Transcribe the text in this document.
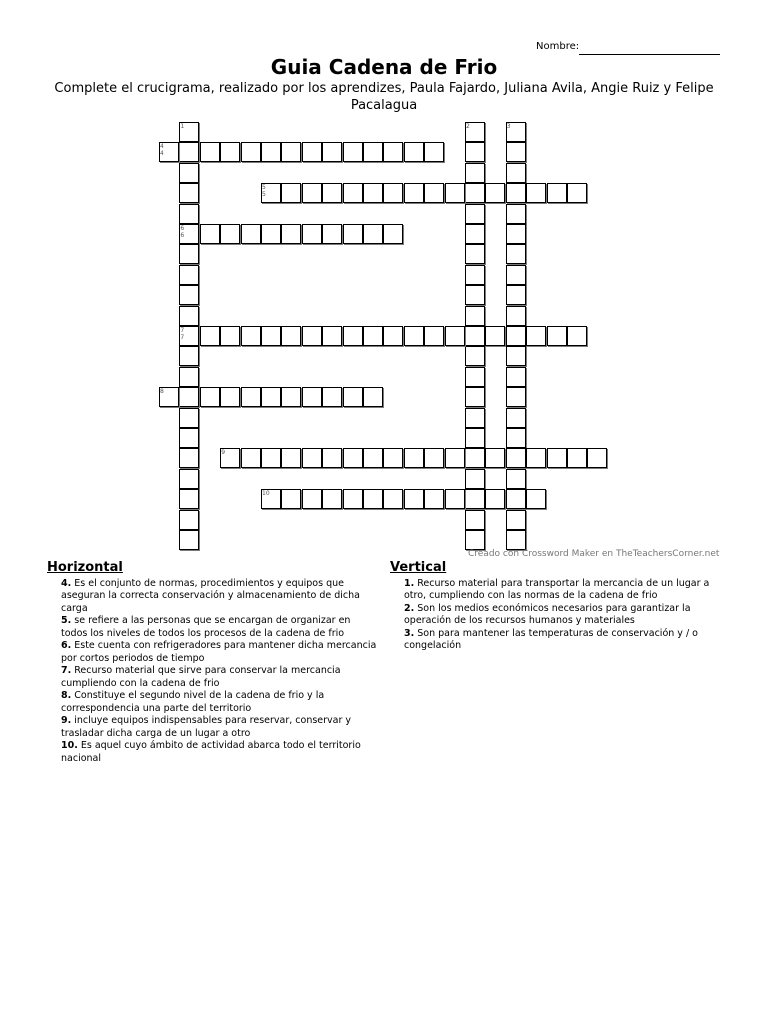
Nombre:
Guia Cadena de Frio
Complete el crucigrama, realizado por los aprendizes, Paula Fajardo, Juliana Avila, Angie Ruiz y Felipe Pacalagua
1
6 6
7 7
2	3
4 4
5 5
8
9
10
Creado con Crossword Maker en TheTeachersCorner.net
Horizontal
4. Es el conjunto de normas, procedimientos y equipos que aseguran la correcta conservación y almacenamiento de dicha carga
5. se refiere a las personas que se encargan de organizar en todos los niveles de todos los procesos de la cadena de frio
6. Este cuenta con refrigeradores para mantener dicha mercancia por cortos periodos de tiempo
7. Recurso material que sirve para conservar la mercancia cumpliendo con la cadena de frio
8. Constituye el segundo nivel de la cadena de frio y la correspondencia una parte del territorio
9. incluye equipos indispensables para reservar, conservar y trasladar dicha carga de un lugar a otro
10. Es aquel cuyo ámbito de actividad abarca todo el territorio nacional
Vertical
1. Recurso material para transportar la mercancia de un lugar a otro, cumpliendo con las normas de la cadena de frio
2. Son los medios económicos necesarios para garantizar la operación de los recursos humanos y materiales
3. Son para mantener las temperaturas de conservación y / o congelación
